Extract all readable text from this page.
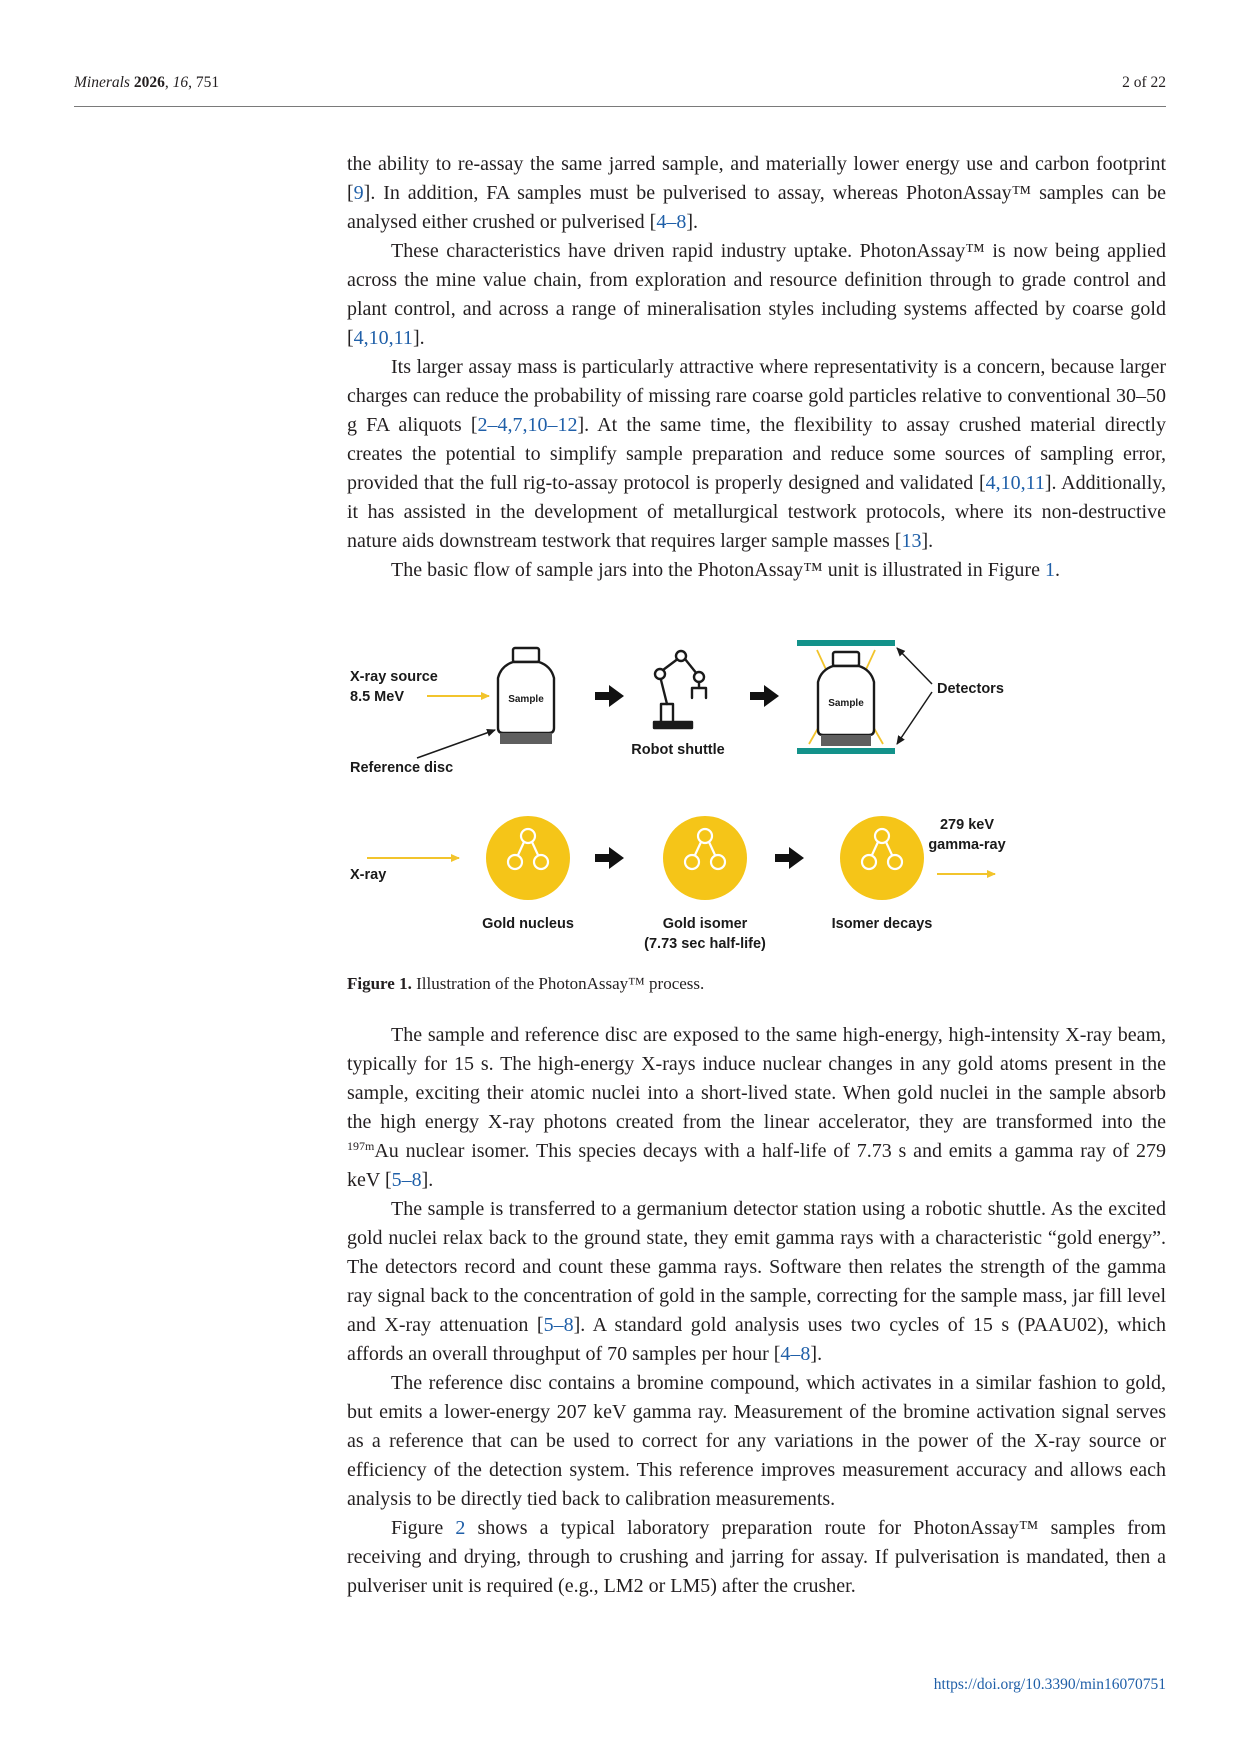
Minerals 2026, 16, 751	2 of 22

the ability to re-assay the same jarred sample, and materially lower energy use and carbon footprint [9]. In addition, FA samples must be pulverised to assay, whereas PhotonAssay™ samples can be analysed either crushed or pulverised [4–8].

These characteristics have driven rapid industry uptake. PhotonAssay™ is now being applied across the mine value chain, from exploration and resource definition through to grade control and plant control, and across a range of mineralisation styles including systems affected by coarse gold [4,10,11].

Its larger assay mass is particularly attractive where representativity is a concern, because larger charges can reduce the probability of missing rare coarse gold particles relative to conventional 30–50 g FA aliquots [2–4,7,10–12]. At the same time, the flexibility to assay crushed material directly creates the potential to simplify sample preparation and reduce some sources of sampling error, provided that the full rig-to-assay protocol is properly designed and validated [4,10,11]. Additionally, it has assisted in the development of metallurgical testwork protocols, where its non-destructive nature aids downstream testwork that requires larger sample masses [13].

The basic flow of sample jars into the PhotonAssay™ unit is illustrated in Figure 1.

X-ray source
8.5 MeV	Sample
Reference disc
Robot shuttle
Sample
Detectors
X-ray
Gold nucleus	Gold isomer
(7.73 sec half-life)
Isomer decays
279 keV
gamma-ray
Figure 1. Illustration of the PhotonAssay™ process.

The sample and reference disc are exposed to the same high-energy, high-intensity X-ray beam, typically for 15 s. The high-energy X-rays induce nuclear changes in any gold atoms present in the sample, exciting their atomic nuclei into a short-lived state. When gold nuclei in the sample absorb the high energy X-ray photons created from the linear accelerator, they are transformed into the $^{197m}$Au nuclear isomer. This species decays with a half-life of 7.73 s and emits a gamma ray of 279 keV [5–8].

The sample is transferred to a germanium detector station using a robotic shuttle. As the excited gold nuclei relax back to the ground state, they emit gamma rays with a characteristic “gold energy”. The detectors record and count these gamma rays. Software then relates the strength of the gamma ray signal back to the concentration of gold in the sample, correcting for the sample mass, jar fill level and X-ray attenuation [5–8]. A standard gold analysis uses two cycles of 15 s (PAAU02), which affords an overall throughput of 70 samples per hour [4–8].

The reference disc contains a bromine compound, which activates in a similar fashion to gold, but emits a lower-energy 207 keV gamma ray. Measurement of the bromine activation signal serves as a reference that can be used to correct for any variations in the power of the X-ray source or efficiency of the detection system. This reference improves measurement accuracy and allows each analysis to be directly tied back to calibration measurements.

Figure 2 shows a typical laboratory preparation route for PhotonAssay™ samples from receiving and drying, through to crushing and jarring for assay. If pulverisation is mandated, then a pulveriser unit is required (e.g., LM2 or LM5) after the crusher.

https://doi.org/10.3390/min16070751
